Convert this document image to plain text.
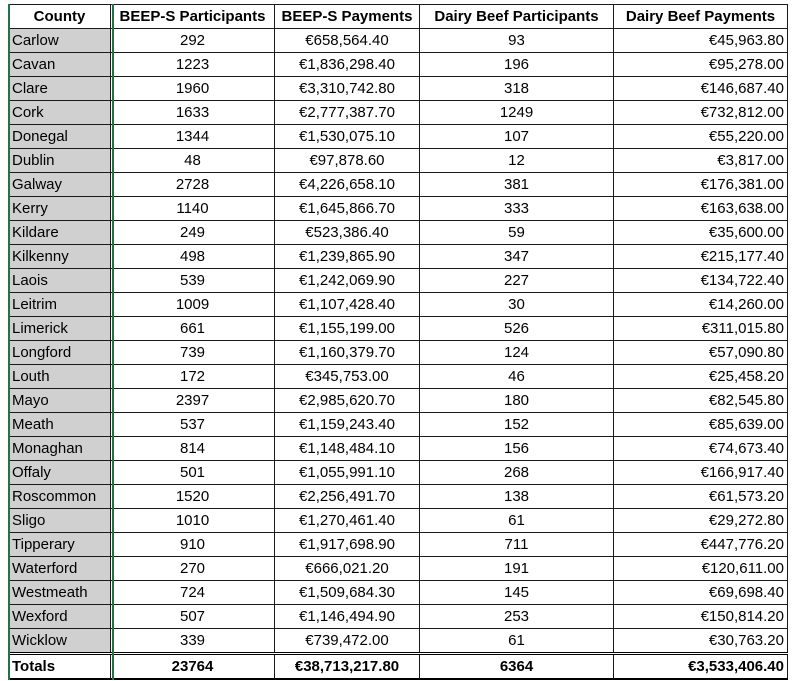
County	BEEP-S Participants	BEEP-S Payments	Dairy Beef Participants	Dairy Beef Payments
Carlow	292	€658,564.40	93	€45,963.80
Cavan	1223	€1,836,298.40	196	€95,278.00
Clare	1960	€3,310,742.80	318	€146,687.40
Cork	1633	€2,777,387.70	1249	€732,812.00
Donegal	1344	€1,530,075.10	107	€55,220.00
Dublin	48	€97,878.60	12	€3,817.00
Galway	2728	€4,226,658.10	381	€176,381.00
Kerry	1140	€1,645,866.70	333	€163,638.00
Kildare	249	€523,386.40	59	€35,600.00
Kilkenny	498	€1,239,865.90	347	€215,177.40
Laois	539	€1,242,069.90	227	€134,722.40
Leitrim	1009	€1,107,428.40	30	€14,260.00
Limerick	661	€1,155,199.00	526	€311,015.80
Longford	739	€1,160,379.70	124	€57,090.80
Louth	172	€345,753.00	46	€25,458.20
Mayo	2397	€2,985,620.70	180	€82,545.80
Meath	537	€1,159,243.40	152	€85,639.00
Monaghan	814	€1,148,484.10	156	€74,673.40
Offaly	501	€1,055,991.10	268	€166,917.40
Roscommon	1520	€2,256,491.70	138	€61,573.20
Sligo	1010	€1,270,461.40	61	€29,272.80
Tipperary	910	€1,917,698.90	711	€447,776.20
Waterford	270	€666,021.20	191	€120,611.00
Westmeath	724	€1,509,684.30	145	€69,698.40
Wexford	507	€1,146,494.90	253	€150,814.20
Wicklow	339	€739,472.00	61	€30,763.20
Totals	23764	€38,713,217.80	6364	€3,533,406.40
